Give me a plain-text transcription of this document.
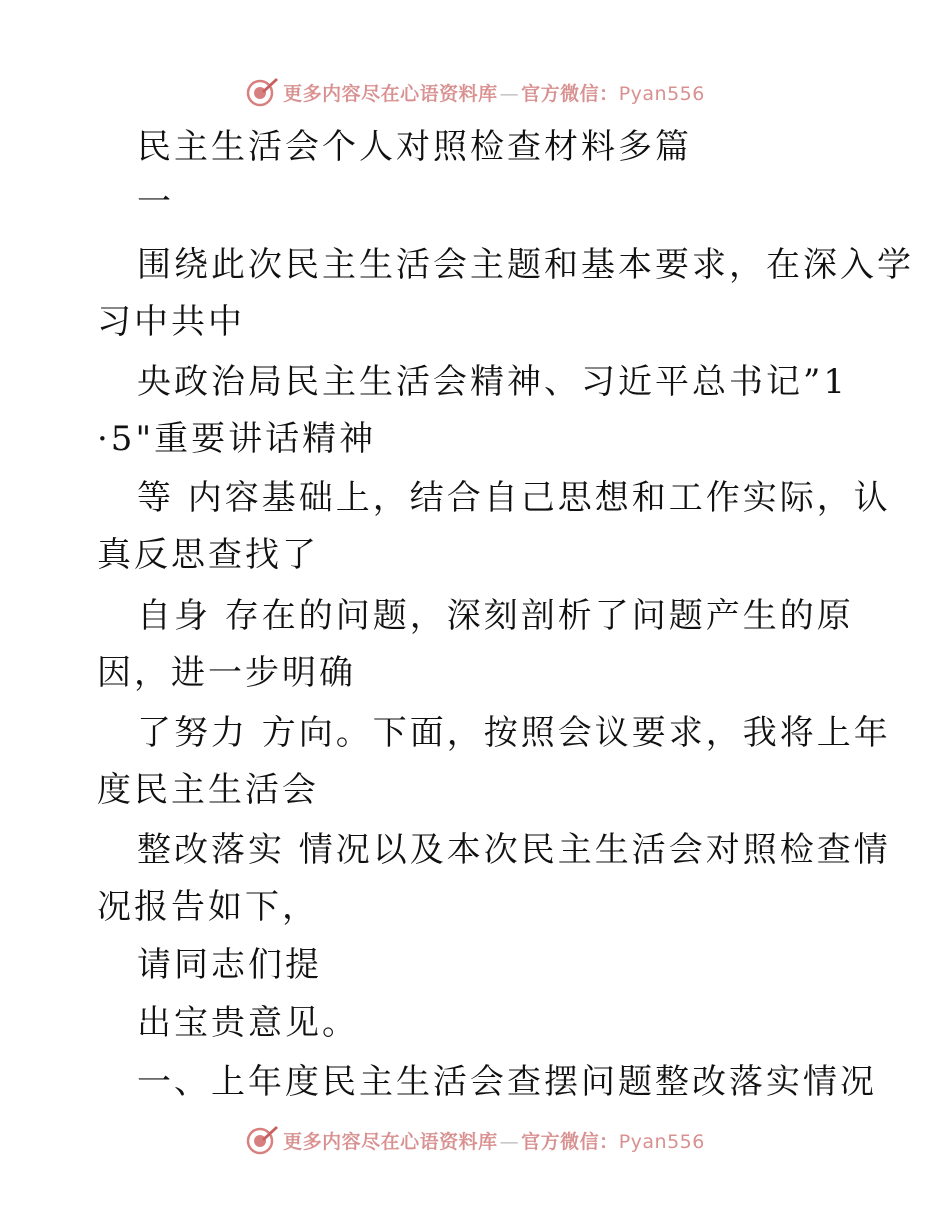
更多内容尽在心语资料库 — 官方微信：Pyan556
民主生活会个人对照检查材料多篇
一
围绕此次民主生活会主题和基本要求，在深入学
习中共中
央政治局民主生活会精神、习近平总书记”1
·5"重要讲话精神
等 内容基础上，结合自己思想和工作实际，认
真反思查找了
自身 存在的问题，深刻剖析了问题产生的原
因，进一步明确
了努力 方向。下面，按照会议要求，我将上年
度民主生活会
整改落实 情况以及本次民主生活会对照检查情
况报告如下，
请同志们提
出宝贵意见。
一、上年度民主生活会查摆问题整改落实情况
更多内容尽在心语资料库 — 官方微信：Pyan556
